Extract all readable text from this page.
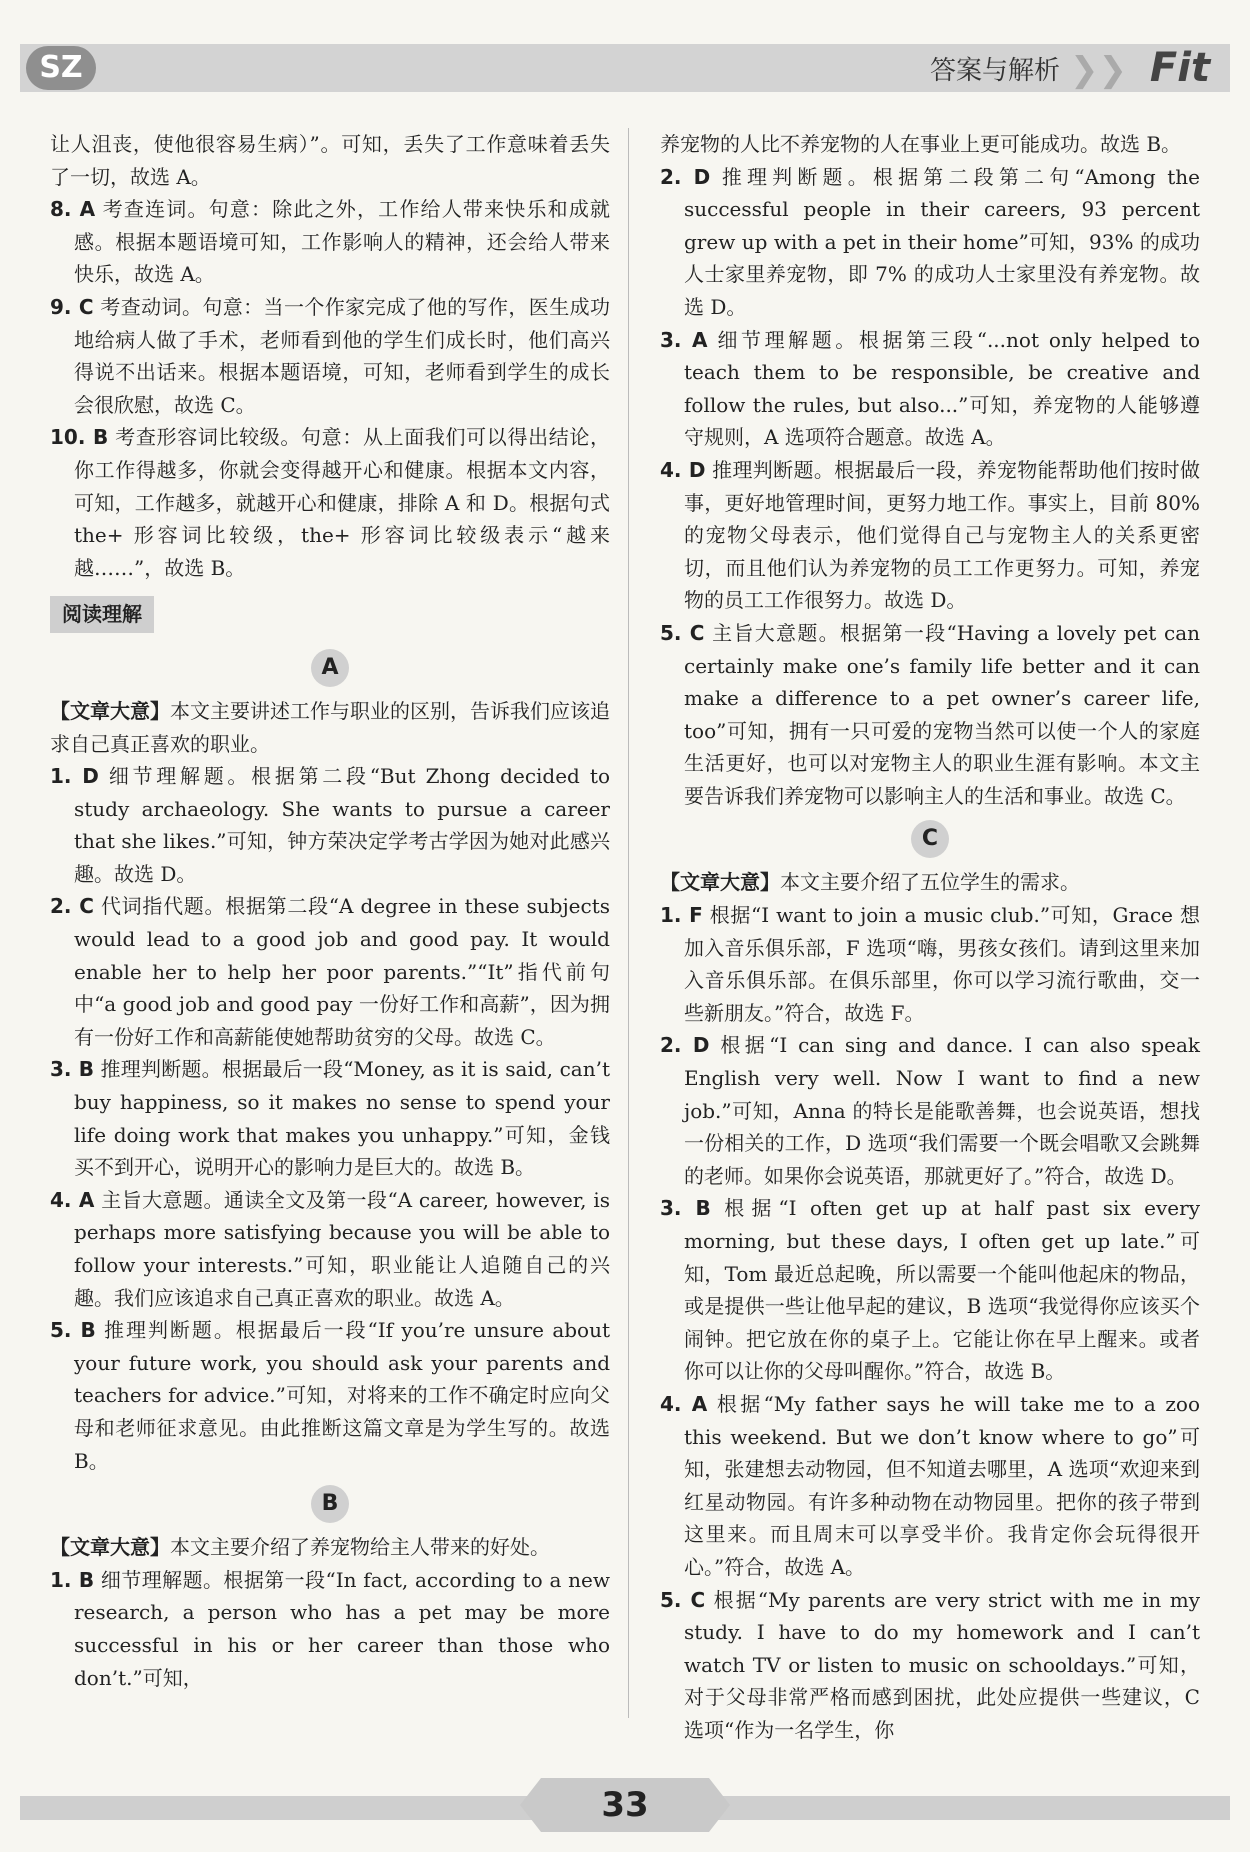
SZ	答案与解析 ❯❯ Fit

让人沮丧，使他很容易生病）”。可知，丢失了工作意味着丢失了一切，故选 A。

8. A 考查连词。句意：除此之外，工作给人带来快乐和成就感。根据本题语境可知，工作影响人的精神，还会给人带来快乐，故选 A。

9. C 考查动词。句意：当一个作家完成了他的写作，医生成功地给病人做了手术，老师看到他的学生们成长时，他们高兴得说不出话来。根据本题语境，可知，老师看到学生的成长会很欣慰，故选 C。

10. B 考查形容词比较级。句意：从上面我们可以得出结论，你工作得越多，你就会变得越开心和健康。根据本文内容，可知，工作越多，就越开心和健康，排除 A 和 D。根据句式 the+ 形容词比较级，the+ 形容词比较级表示“越来越……”，故选 B。

阅读理解
A

【文章大意】本文主要讲述工作与职业的区别，告诉我们应该追求自己真正喜欢的职业。

1. D 细节理解题。根据第二段“But Zhong decided to study archaeology. She wants to pursue a career that she likes.”可知，钟方荣决定学考古学因为她对此感兴趣。故选 D。

2. C 代词指代题。根据第二段“A degree in these subjects would lead to a good job and good pay. It would enable her to help her poor parents.”“It”指代前句中“a good job and good pay 一份好工作和高薪”，因为拥有一份好工作和高薪能使她帮助贫穷的父母。故选 C。

3. B 推理判断题。根据最后一段“Money, as it is said, can’t buy happiness, so it makes no sense to spend your life doing work that makes you unhappy.”可知，金钱买不到开心，说明开心的影响力是巨大的。故选 B。

4. A 主旨大意题。通读全文及第一段“A career, however, is perhaps more satisfying because you will be able to follow your interests.”可知，职业能让人追随自己的兴趣。我们应该追求自己真正喜欢的职业。故选 A。

5. B 推理判断题。根据最后一段“If you’re unsure about your future work, you should ask your parents and teachers for advice.”可知，对将来的工作不确定时应向父母和老师征求意见。由此推断这篇文章是为学生写的。故选 B。

B

【文章大意】本文主要介绍了养宠物给主人带来的好处。

1. B 细节理解题。根据第一段“In fact, according to a new research, a person who has a pet may be more successful in his or her career than those who don’t.”可知，

养宠物的人比不养宠物的人在事业上更可能成功。故选 B。

2. D 推理判断题。根据第二段第二句“Among the successful people in their careers, 93 percent grew up with a pet in their home”可知，93% 的成功人士家里养宠物，即 7% 的成功人士家里没有养宠物。故选 D。

3. A 细节理解题。根据第三段“...not only helped to teach them to be responsible, be creative and follow the rules, but also...”可知，养宠物的人能够遵守规则，A 选项符合题意。故选 A。

4. D 推理判断题。根据最后一段，养宠物能帮助他们按时做事，更好地管理时间，更努力地工作。事实上，目前 80% 的宠物父母表示，他们觉得自己与宠物主人的关系更密切，而且他们认为养宠物的员工工作更努力。可知，养宠物的员工工作很努力。故选 D。

5. C 主旨大意题。根据第一段“Having a lovely pet can certainly make one’s family life better and it can make a difference to a pet owner’s career life, too”可知，拥有一只可爱的宠物当然可以使一个人的家庭生活更好，也可以对宠物主人的职业生涯有影响。本文主要告诉我们养宠物可以影响主人的生活和事业。故选 C。

C

【文章大意】本文主要介绍了五位学生的需求。

1. F 根据“I want to join a music club.”可知，Grace 想加入音乐俱乐部，F 选项“嗨，男孩女孩们。请到这里来加入音乐俱乐部。在俱乐部里，你可以学习流行歌曲，交一些新朋友。”符合，故选 F。

2. D 根据“I can sing and dance. I can also speak English very well. Now I want to find a new job.”可知，Anna 的特长是能歌善舞，也会说英语，想找一份相关的工作，D 选项“我们需要一个既会唱歌又会跳舞的老师。如果你会说英语，那就更好了。”符合，故选 D。

3. B 根据“I often get up at half past six every morning, but these days, I often get up late.”可知，Tom 最近总起晚，所以需要一个能叫他起床的物品，或是提供一些让他早起的建议，B 选项“我觉得你应该买个闹钟。把它放在你的桌子上。它能让你在早上醒来。或者你可以让你的父母叫醒你。”符合，故选 B。

4. A 根据“My father says he will take me to a zoo this weekend. But we don’t know where to go”可知，张建想去动物园，但不知道去哪里，A 选项“欢迎来到红星动物园。有许多种动物在动物园里。把你的孩子带到这里来。而且周末可以享受半价。我肯定你会玩得很开心。”符合，故选 A。

5. C 根据“My parents are very strict with me in my study. I have to do my homework and I can’t watch TV or listen to music on schooldays.”可知，对于父母非常严格而感到困扰，此处应提供一些建议，C 选项“作为一名学生，你

33
